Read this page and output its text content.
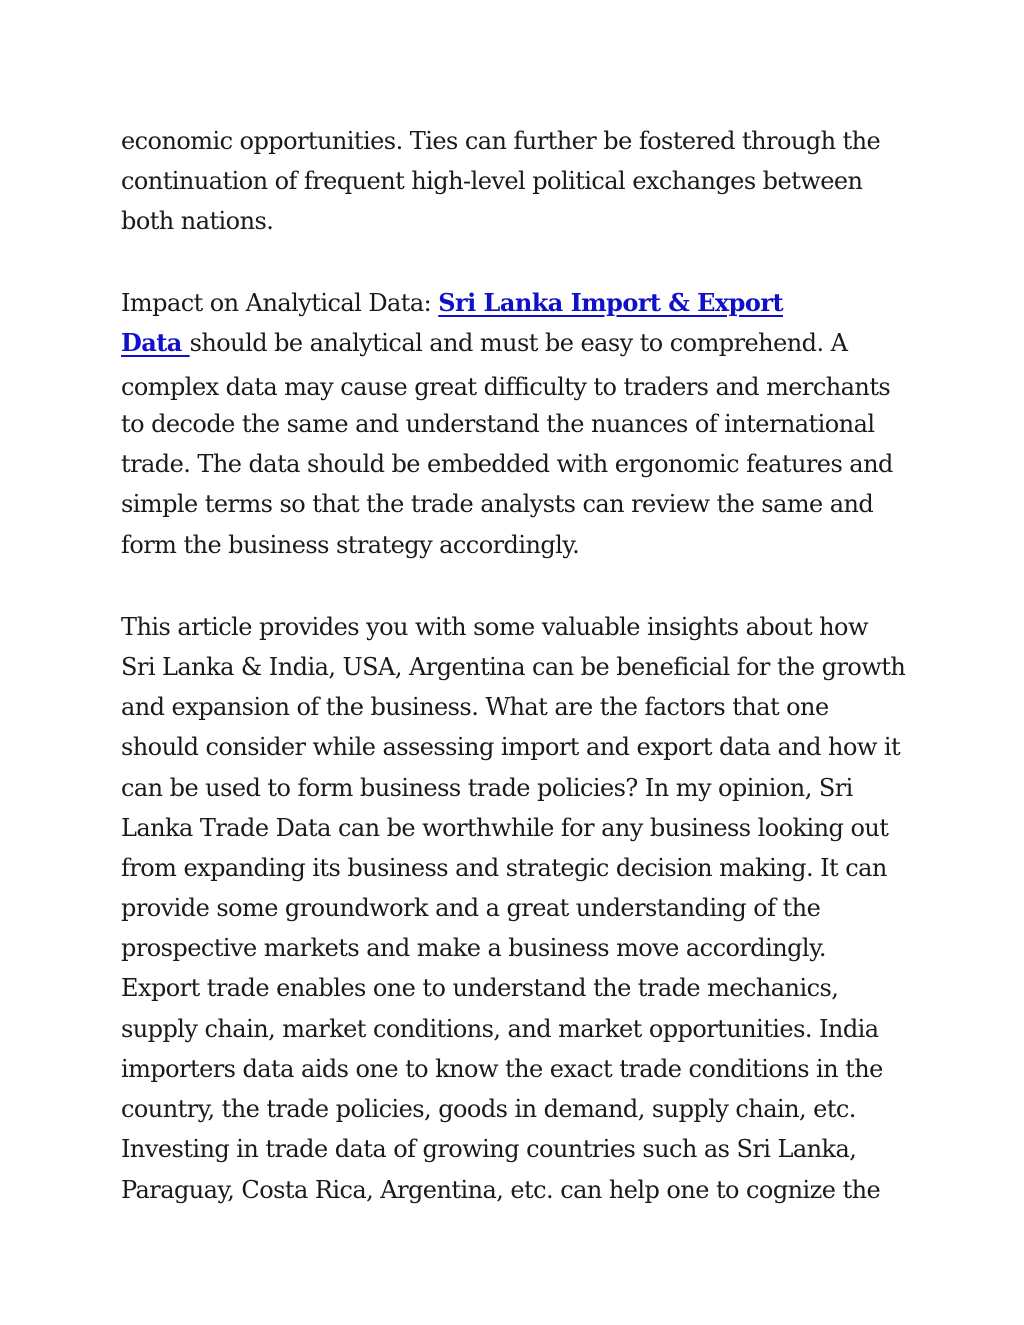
economic opportunities. Ties can further be fostered through the
continuation of frequent high-level political exchanges between
both nations.
Impact on Analytical Data: Sri Lanka Import & Export
Data should be analytical and must be easy to comprehend. A
complex data may cause great difficulty to traders and merchants
to decode the same and understand the nuances of international
trade. The data should be embedded with ergonomic features and
simple terms so that the trade analysts can review the same and
form the business strategy accordingly.
This article provides you with some valuable insights about how
Sri Lanka & India, USA, Argentina can be beneficial for the growth
and expansion of the business. What are the factors that one
should consider while assessing import and export data and how it
can be used to form business trade policies? In my opinion, Sri
Lanka Trade Data can be worthwhile for any business looking out
from expanding its business and strategic decision making. It can
provide some groundwork and a great understanding of the
prospective markets and make a business move accordingly.
Export trade enables one to understand the trade mechanics,
supply chain, market conditions, and market opportunities. India
importers data aids one to know the exact trade conditions in the
country, the trade policies, goods in demand, supply chain, etc.
Investing in trade data of growing countries such as Sri Lanka,
Paraguay, Costa Rica, Argentina, etc. can help one to cognize the
